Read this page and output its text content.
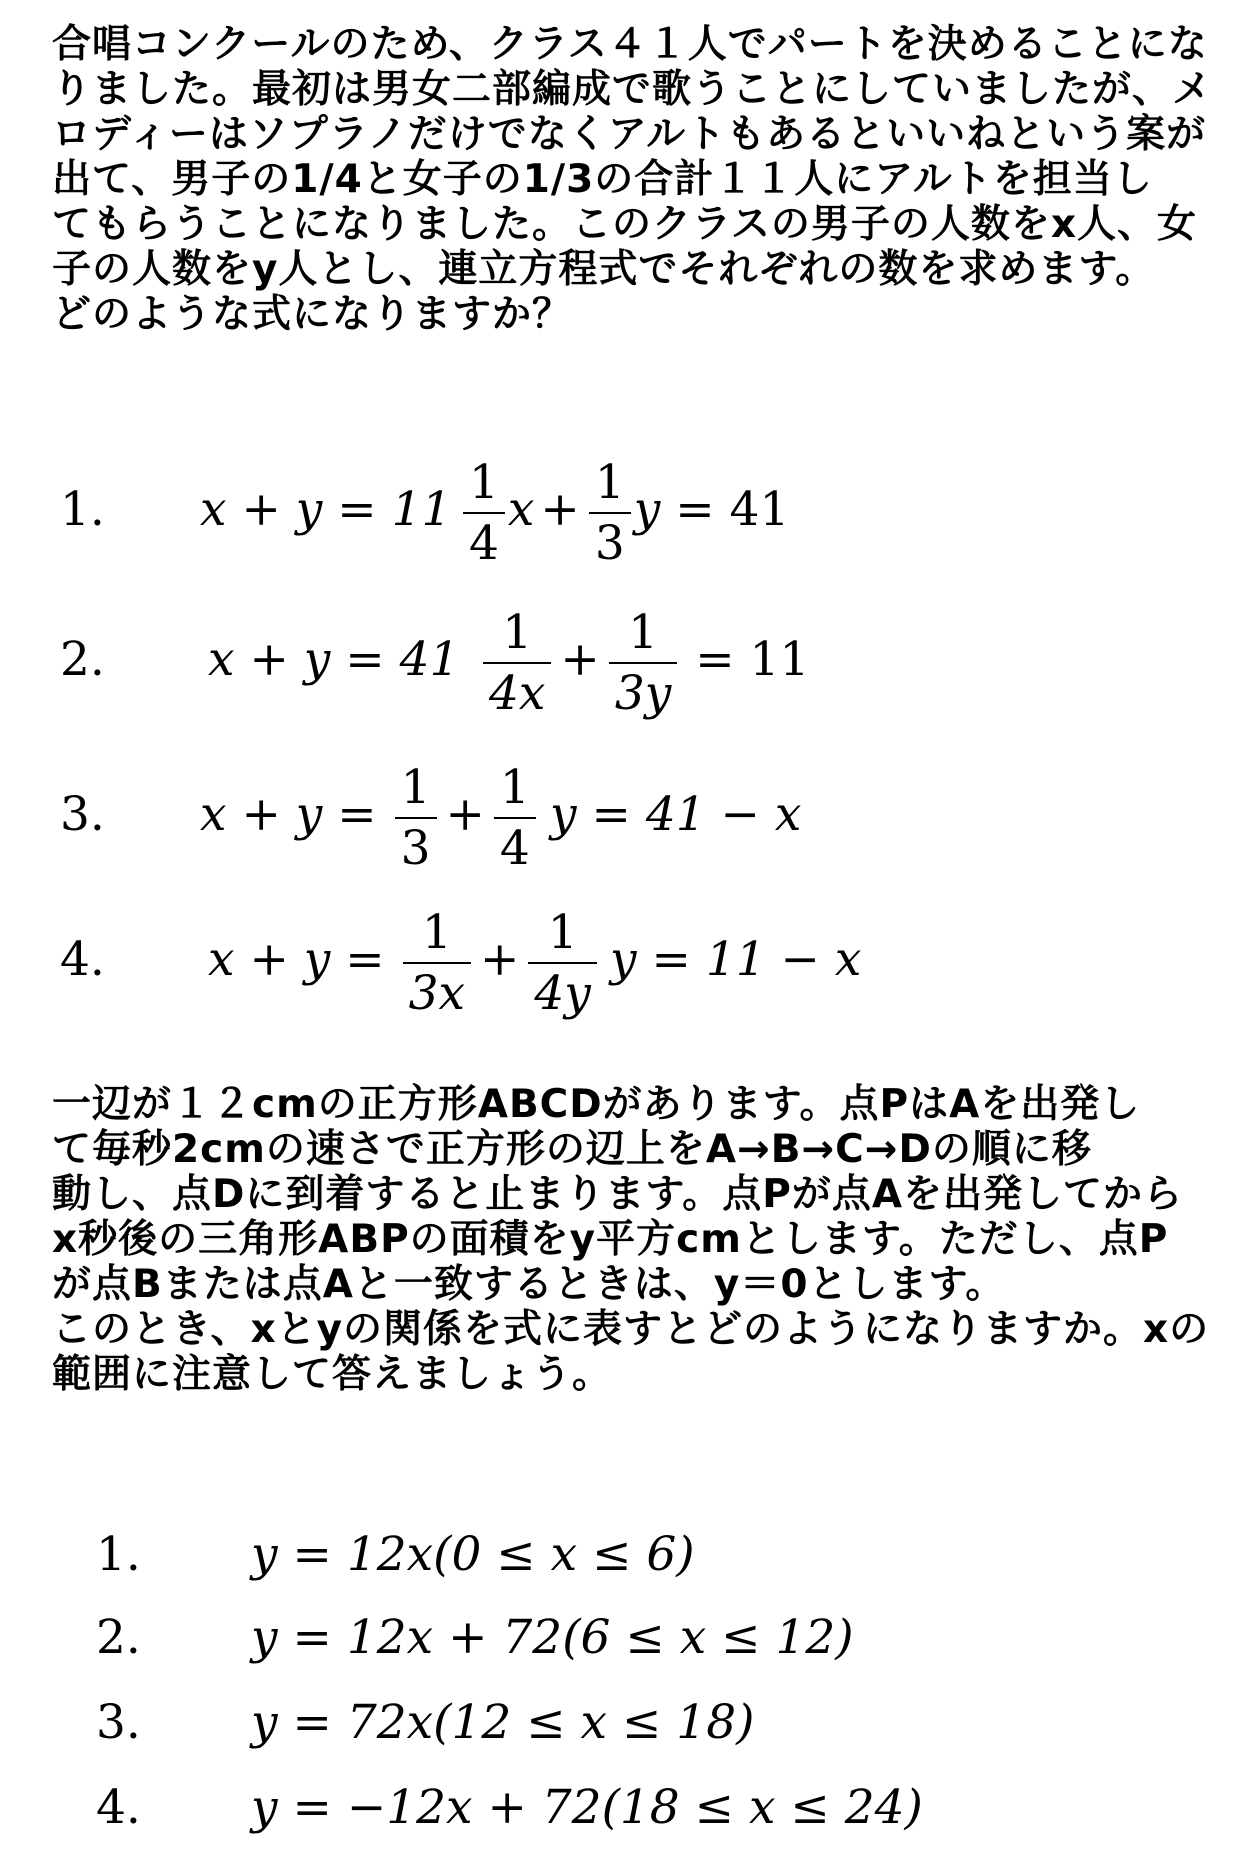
合唱コンクールのため、クラス４１人でパートを決めることにな
りました。最初は男女二部編成で歌うことにしていましたが、メ
ロディーはソプラノだけでなくアルトもあるといいねという案が
出て、男子の1/4と女子の1/3の合計１１人にアルトを担当し
てもらうことになりました。このクラスの男子の人数をx人、女
子の人数をy人とし、連立方程式でそれぞれの数を求めます。
どのような式になりますか？
1. $x + y = 11 \frac{1}{4}$ $x + \frac{1}{3}$ y = 41
2. $x + y = 41 \frac{1}{4x} + \frac{1}{3y} = 11$
3. $x + y = \frac{1}{3} + \frac{1}{4}$ y = 41 − x
4. $x + y = \frac{1}{3x} + \frac{1}{4y}$ y = 11 − x
一辺が１２cmの正方形ABCDがあります。点PはAを出発し
て毎秒2cmの速さで正方形の辺上をA→B→C→Dの順に移
動し、点Dに到着すると止まります。点Pが点Aを出発してから
x秒後の三角形ABPの面積をy平方cmとします。ただし、点P
が点Bまたは点Aと一致するときは、y＝0とします。
このとき、xとyの関係を式に表すとどのようになりますか。xの
範囲に注意して答えましょう。
1. y = 12x(0 ≤ x ≤ 6)
2. y = 12x + 72(6 ≤ x ≤ 12)
3. y = 72x(12 ≤ x ≤ 18)
4. y = −12x + 72(18 ≤ x ≤ 24)
